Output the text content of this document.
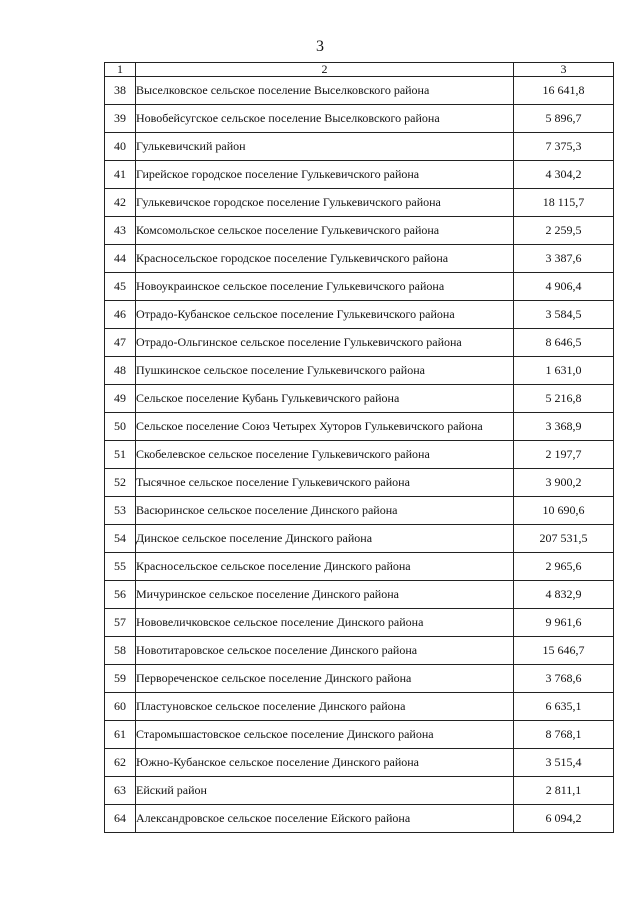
3
1	2	3
38	Выселковское сельское поселение Выселковского района	16 641,8
39	Новобейсугское сельское поселение Выселковского района	5 896,7
40	Гулькевичский район	7 375,3
41	Гирейское городское поселение Гулькевичского района	4 304,2
42	Гулькевичское городское поселение Гулькевичского района	18 115,7
43	Комсомольское сельское поселение Гулькевичского района	2 259,5
44	Красносельское городское поселение Гулькевичского района	3 387,6
45	Новоукраинское сельское поселение Гулькевичского района	4 906,4
46	Отрадо-Кубанское сельское поселение Гулькевичского района	3 584,5
47	Отрадо-Ольгинское сельское поселение Гулькевичского района	8 646,5
48	Пушкинское сельское поселение Гулькевичского района	1 631,0
49	Сельское поселение Кубань Гулькевичского района	5 216,8
50	Сельское поселение Союз Четырех Хуторов Гулькевичского района	3 368,9
51	Скобелевское сельское поселение Гулькевичского района	2 197,7
52	Тысячное сельское поселение Гулькевичского района	3 900,2
53	Васюринское сельское поселение Динского района	10 690,6
54	Динское сельское поселение Динского района	207 531,5
55	Красносельское сельское поселение Динского района	2 965,6
56	Мичуринское сельское поселение Динского района	4 832,9
57	Нововеличковское сельское поселение Динского района	9 961,6
58	Новотитаровское сельское поселение Динского района	15 646,7
59	Первореченское сельское поселение Динского района	3 768,6
60	Пластуновское сельское поселение Динского района	6 635,1
61	Старомышастовское сельское поселение Динского района	8 768,1
62	Южно-Кубанское сельское поселение Динского района	3 515,4
63	Ейский район	2 811,1
64	Александровское сельское поселение Ейского района	6 094,2
